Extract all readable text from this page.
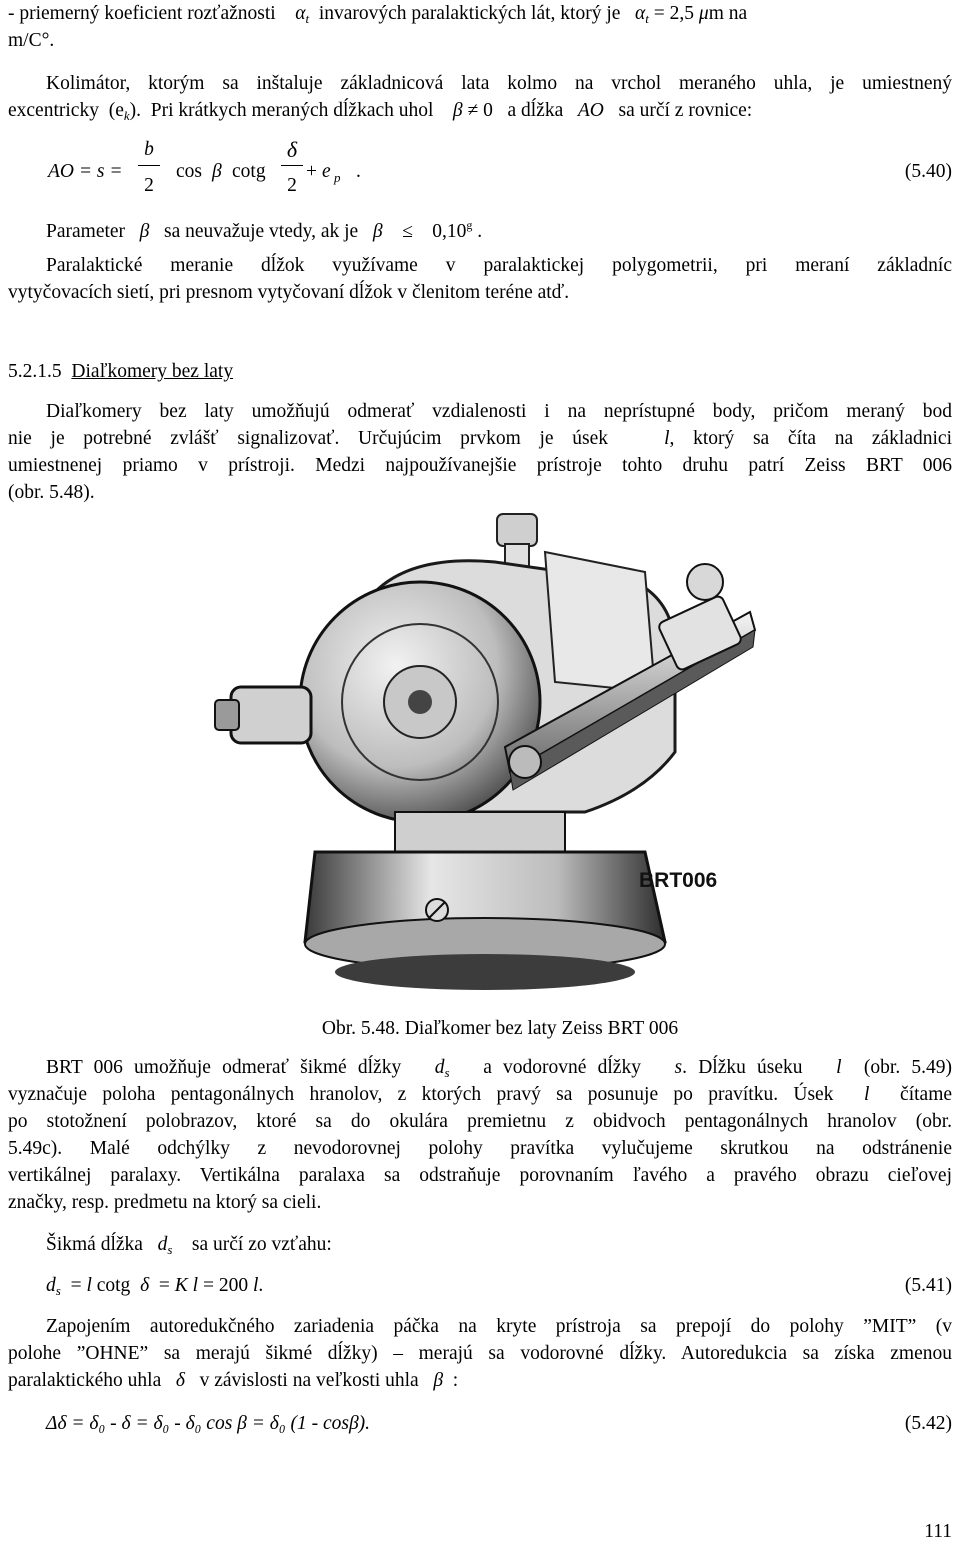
- priemerný koeficient rozťažnosti $\alpha_t$ invarových paralaktických lát, ktorý je $\alpha_t = 2,5$ μm na
m/C°.
Kolimátor, ktorým sa inštaluje základnicová lata kolmo na vrchol meraného uhla, je umiestnený
excentricky $(e_k)$. Pri krátkych meraných dĺžkach uhol β ≠ 0 a dĺžka AO sa určí z rovnice:
AO = s =
b
2
cos β cotg
δ
2
+ e p .	(5.40)
Parameter β sa neuvažuje vtedy, ak je β ≤ 0,10$^g$ .
Paralaktické meranie dĺžok využívame v paralaktickej polygometrii, pri meraní základníc
vytyčovacích sietí, pri presnom vytyčovaní dĺžok v členitom teréne atď.
5.2.1.5 Diaľkomery bez laty
Diaľkomery bez laty umožňujú odmerať vzdialenosti i na neprístupné body, pričom meraný bod
nie je potrebné zvlášť signalizovať. Určujúcim prvkom je úsek	l, ktorý sa číta na základnici
umiestnenej priamo v prístroji. Medzi najpoužívanejšie prístroje tohto druhu patrí Zeiss BRT 006
(obr. 5.48).
BRT006
Obr. 5.48. Diaľkomer bez laty Zeiss BRT 006
BRT 006 umožňuje odmerať šikmé dĺžky $d_s$ a vodorovné dĺžky s. Dĺžku úseku l (obr. 5.49)
vyznačuje poloha pentagonálnych hranolov, z ktorých pravý sa posunuje po pravítku. Úsek l čítame
po stotožnení polobrazov, ktoré sa do okulára premietnu z obidvoch pentagonálnych hranolov (obr.
5.49c). Malé odchýlky z nevodorovnej polohy pravítka vylučujeme skrutkou na odstránenie
vertikálnej paralaxy. Vertikálna paralaxa sa odstraňuje porovnaním ľavého a pravého obrazu cieľovej
značky, resp. predmetu na ktorý sa cieli.
Šikmá dĺžka $d_s$ sa určí zo vzťahu:
$d_s = l$ cotg δ = K l = 200 l.	(5.41)
Zapojením autoredukčného zariadenia páčka na kryte prístroja sa prepojí do polohy ”MIT” (v
polohe ”OHNE” sa merajú šikmé dĺžky) – merajú sa vodorovné dĺžky. Autoredukcia sa získa zmenou
paralaktického uhla δ v závislosti na veľkosti uhla β :
Δδ = δ₀ - δ = δ₀ - δ₀ cos β = δ₀ (1 - cosβ).	(5.42)
111
